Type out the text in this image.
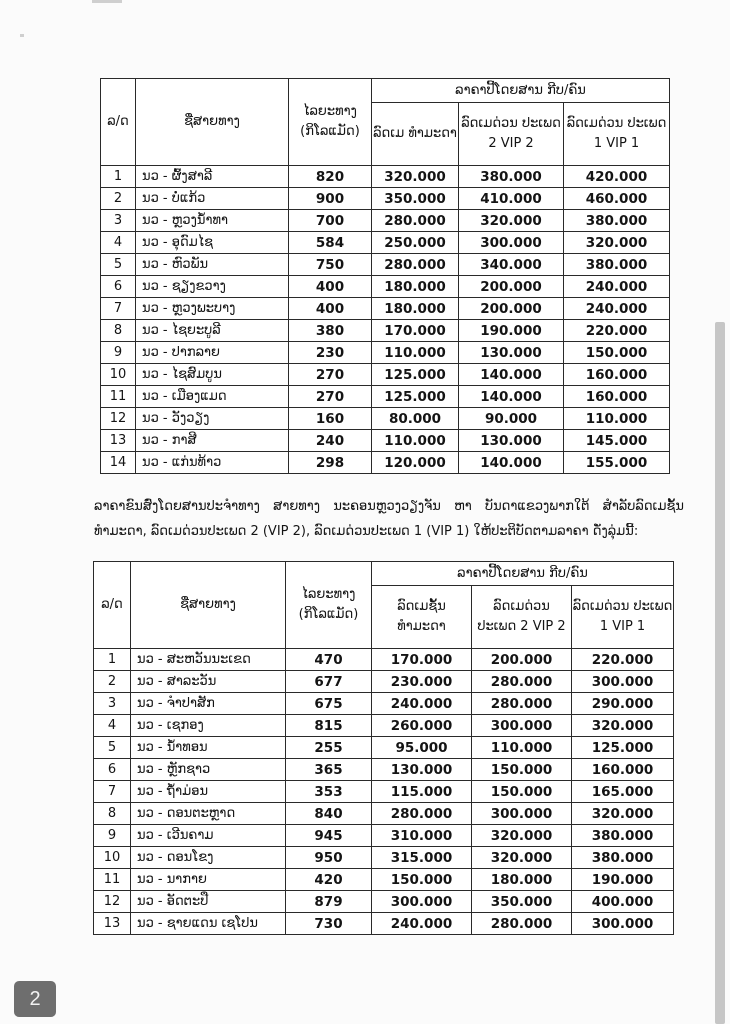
ລ/ດ	ຊື່ສາຍທາງ	ໄລຍະທາງ (ກິໂລແມັດ)	ລາຄາປີ້ໂດຍສານ ກີບ/ຄົນ		
			ລົດເມ ທຳມະດາ	ລົດເມດ່ວນ ປະເພດ 2 VIP 2	ລົດເມດ່ວນ ປະເພດ 1 VIP 1
1	ນວ - ຜົ້ງສາລີ	820	320.000	380.000	420.000
2	ນວ - ບໍ່ແກ້ວ	900	350.000	410.000	460.000
3	ນວ - ຫຼວງນ້ຳທາ	700	280.000	320.000	380.000
4	ນວ - ອຸດົມໄຊ	584	250.000	300.000	320.000
5	ນວ - ຫົວພັນ	750	280.000	340.000	380.000
6	ນວ - ຊຽງຂວາງ	400	180.000	200.000	240.000
7	ນວ - ຫຼວງພະບາງ	400	180.000	200.000	240.000
8	ນວ - ໄຊຍະບູລີ	380	170.000	190.000	220.000
9	ນວ - ປາກລາຍ	230	110.000	130.000	150.000
10	ນວ - ໄຊສົມບູນ	270	125.000	140.000	160.000
11	ນວ - ເມືອງແມດ	270	125.000	140.000	160.000
12	ນວ - ວັງວຽງ	160	80.000	90.000	110.000
13	ນວ - ກາສີ	240	110.000	130.000	145.000
14	ນວ - ແກ່ນທ້າວ	298	120.000	140.000	155.000
ລາຄາຂົນສົ່ງໂດຍສານປະຈຳທາງ ສາຍທາງ ນະຄອນຫຼວງວຽງຈັນ ຫາ ບັນດາແຂວງພາກໃຕ້ ສຳລັບລົດເມຊັ້ນທຳມະດາ, ລົດເມດ່ວນປະເພດ 2 (VIP 2), ລົດເມດ່ວນປະເພດ 1 (VIP 1) ໃຫ້ປະຕິບັດຕາມລາຄາ ດັ່ງລຸ່ມນີ້:
ລ/ດ	ຊື່ສາຍທາງ	ໄລຍະທາງ (ກິໂລແມັດ)	ລາຄາປີ້ໂດຍສານ ກີບ/ຄົນ		
			ລົດເມຊັ້ນ ທຳມະດາ	ລົດເມດ່ວນ ປະເພດ 2 VIP 2	ລົດເມດ່ວນ ປະເພດ 1 VIP 1
1	ນວ - ສະຫວັນນະເຂດ	470	170.000	200.000	220.000
2	ນວ - ສາລະວັນ	677	230.000	280.000	300.000
3	ນວ - ຈຳປາສັກ	675	240.000	280.000	290.000
4	ນວ - ເຊກອງ	815	260.000	300.000	320.000
5	ນວ - ນ້ຳທອນ	255	95.000	110.000	125.000
6	ນວ - ຫຼັກຊາວ	365	130.000	150.000	160.000
7	ນວ - ຖ້ຳມ່ອນ	353	115.000	150.000	165.000
8	ນວ - ດອນຕະຫຼາດ	840	280.000	300.000	320.000
9	ນວ - ເວີນຄາມ	945	310.000	320.000	380.000
10	ນວ - ດອນໂຂງ	950	315.000	320.000	380.000
11	ນວ - ນາກາຍ	420	150.000	180.000	190.000
12	ນວ - ອັດຕະປື	879	300.000	350.000	400.000
13	ນວ - ຊາຍແດນ ເຊໂປນ	730	240.000	280.000	300.000
2
